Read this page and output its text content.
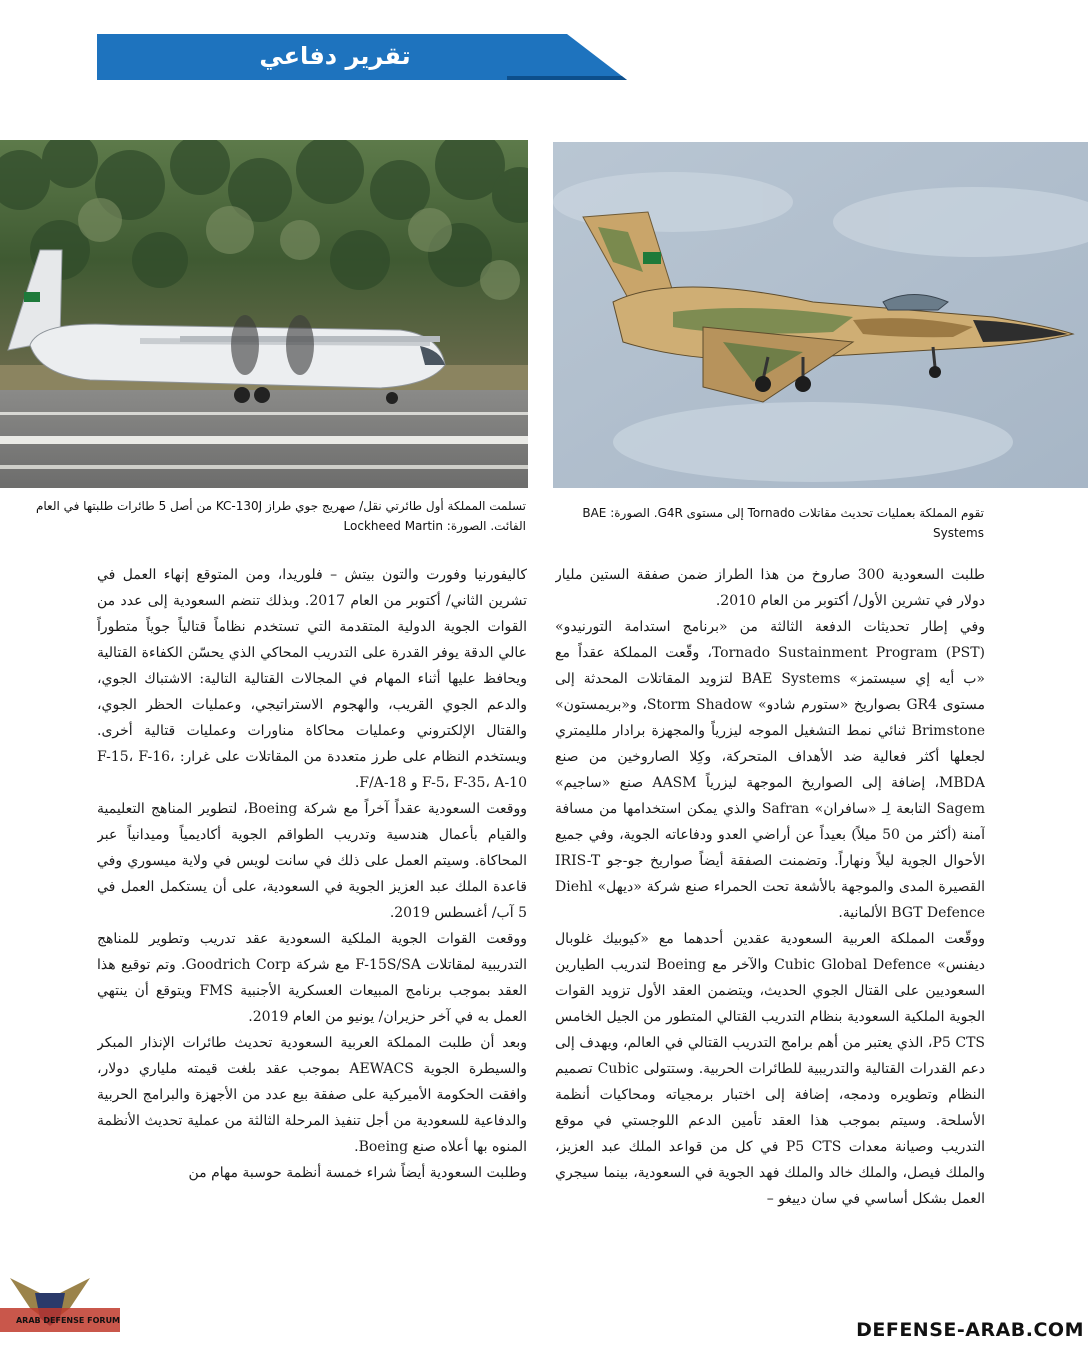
تقرير دفاعي
تسلمت المملكة أول طائرتي نقل/ صهريج جوي طراز KC-130J من أصل 5 طائرات طلبتها في العام الفائت. الصورة: Lockheed Martin
تقوم المملكة بعمليات تحديث مقاتلات Tornado إلى مستوى G4R. الصورة: BAE Systems

طلبت السعودية 300 صاروخ من هذا الطراز ضمن صفقة الستين مليار دولار في تشرين الأول/ أكتوبر من العام 2010.

وفي إطار تحديثات الدفعة الثالثة من «برنامج استدامة التورنيدو» Tornado Sustainment Program (PST)، وقّعت المملكة عقداً مع «ب أيه إي سيستمز» BAE Systems لتزويد المقاتلات المحدثة إلى مستوى GR4 بصواريخ «ستورم شادو» Storm Shadow، و«بريمستون» Brimstone ثنائي نمط التشغيل الموجه ليزرياً والمجهزة برادار ملليمتري لجعلها أكثر فعالية ضد الأهداف المتحركة، وكِلا الصاروخين من صنع MBDA، إضافة إلى الصواريخ الموجهة ليزرياً AASM صنع «ساجيم» Sagem التابعة لِـ «سافران» Safran والذي يمكن استخدامها من مسافة آمنة (أكثر من 50 ميلاً) بعيداً عن أراضي العدو ودفاعاته الجوية، وفي جميع الأحوال الجوية ليلاً ونهاراً. وتضمنت الصفقة أيضاً صواريخ جو-جو IRIS-T القصيرة المدى والموجهة بالأشعة تحت الحمراء صنع شركة «ديهل» Diehl BGT Defence الألمانية.

ووقّعت المملكة العربية السعودية عقدين أحدهما مع «كيوبيك غلوبال ديفنس» Cubic Global Defence والآخر مع Boeing لتدريب الطيارين السعوديين على القتال الجوي الحديث، ويتضمن العقد الأول تزويد القوات الجوية الملكية السعودية بنظام التدريب القتالي المتطور من الجيل الخامس P5 CTS، الذي يعتبر من أهم برامج التدريب القتالي في العالم، ويهدف إلى دعم القدرات القتالية والتدريبية للطائرات الحربية. وستتولى Cubic تصميم النظام وتطويره ودمجه، إضافة إلى اختبار برمجياته ومحاكيات أنظمة الأسلحة. وسيتم بموجب هذا العقد تأمين الدعم اللوجستي في موقع التدريب وصيانة معدات P5 CTS في كل من قواعد الملك عبد العزيز، والملك فيصل، والملك خالد والملك فهد الجوية في السعودية، بينما سيجري العمل بشكل أساسي في سان دييغو –

كاليفورنيا وفورت والتون بيتش – فلوريدا، ومن المتوقع إنهاء العمل في تشرين الثاني/ أكتوبر من العام 2017. وبذلك تنضم السعودية إلى عدد من القوات الجوية الدولية المتقدمة التي تستخدم نظاماً قتالياً جوياً متطوراً عالي الدقة يوفر القدرة على التدريب المحاكي الذي يحسّن الكفاءة القتالية ويحافظ عليها أثناء المهام في المجالات القتالية التالية: الاشتباك الجوي، والدعم الجوي القريب، والهجوم الاستراتيجي، وعمليات الحظر الجوي، والقتال الإلكتروني وعمليات محاكاة مناورات وعمليات قتالية أخرى. ويستخدم النظام على طرز متعددة من المقاتلات على غرار: F-15، F-16، F-5، F-35، A-10 و F/A-18.

ووقعت السعودية عقداً آخراً مع شركة Boeing، لتطوير المناهج التعليمية والقيام بأعمال هندسية وتدريب الطواقم الجوية أكاديمياً وميدانياً عبر المحاكاة. وسيتم العمل على ذلك في سانت لويس في ولاية ميسوري وفي قاعدة الملك عبد العزيز الجوية في السعودية، على أن يستكمل العمل في 5 آب/ أغسطس 2019.

ووقعت القوات الجوية الملكية السعودية عقد تدريب وتطوير للمناهج التدريبية لمقاتلات F-15S/SA مع شركة Goodrich Corp. وتم توقيع هذا العقد بموجب برنامج المبيعات العسكرية الأجنبية FMS ويتوقع أن ينتهي العمل به في آخر حزيران/ يونيو من العام 2019.

وبعد أن طلبت المملكة العربية السعودية تحديث طائرات الإنذار المبكر والسيطرة الجوية AEWACS بموجب عقد بلغت قيمته ملياري دولار، وافقت الحكومة الأميركية على صفقة بيع عدد من الأجهزة والبرامج الحربية والدفاعية للسعودية من أجل تنفيذ المرحلة الثالثة من عملية تحديث الأنظمة المنوه بها أعلاه صنع Boeing.

وطلبت السعودية أيضاً شراء خمسة أنظمة حوسبة مهام من

ARAB DEFENSE FORUM	DEFENSE-ARAB.COM
